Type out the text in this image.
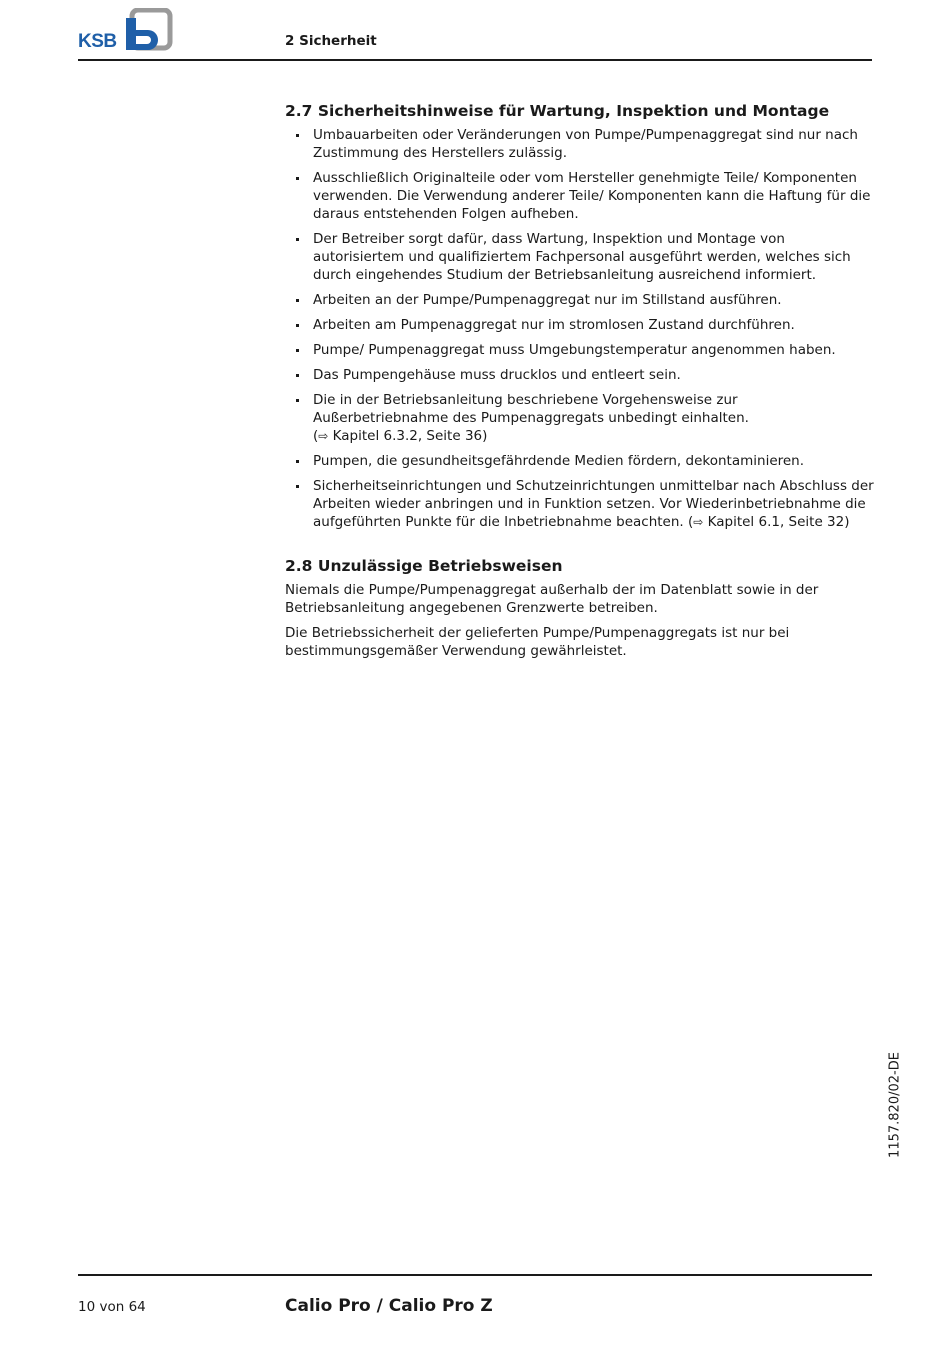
KSB	2 Sicherheit
2.7 Sicherheitshinweise für Wartung, Inspektion und Montage
Umbauarbeiten oder Veränderungen von Pumpe/Pumpenaggregat sind nur nach Zustimmung des Herstellers zulässig.
Ausschließlich Originalteile oder vom Hersteller genehmigte Teile/ Komponenten verwenden. Die Verwendung anderer Teile/ Komponenten kann die Haftung für die daraus entstehenden Folgen aufheben.
Der Betreiber sorgt dafür, dass Wartung, Inspektion und Montage von autorisiertem und qualifiziertem Fachpersonal ausgeführt werden, welches sich durch eingehendes Studium der Betriebsanleitung ausreichend informiert.
Arbeiten an der Pumpe/Pumpenaggregat nur im Stillstand ausführen.
Arbeiten am Pumpenaggregat nur im stromlosen Zustand durchführen.
Pumpe/ Pumpenaggregat muss Umgebungstemperatur angenommen haben.
Das Pumpengehäuse muss drucklos und entleert sein.
Die in der Betriebsanleitung beschriebene Vorgehensweise zur Außerbetriebnahme des Pumpenaggregats unbedingt einhalten.
(⇨ Kapitel 6.3.2, Seite 36)
Pumpen, die gesundheitsgefährdende Medien fördern, dekontaminieren.
Sicherheitseinrichtungen und Schutzeinrichtungen unmittelbar nach Abschluss der Arbeiten wieder anbringen und in Funktion setzen. Vor Wiederinbetriebnahme die aufgeführten Punkte für die Inbetriebnahme beachten. (⇨ Kapitel 6.1, Seite 32)
2.8 Unzulässige Betriebsweisen

Niemals die Pumpe/Pumpenaggregat außerhalb der im Datenblatt sowie in der Betriebsanleitung angegebenen Grenzwerte betreiben.

Die Betriebssicherheit der gelieferten Pumpe/Pumpenaggregats ist nur bei bestimmungsgemäßer Verwendung gewährleistet.

1157.820/02-DE
10 von 64	Calio Pro / Calio Pro Z
